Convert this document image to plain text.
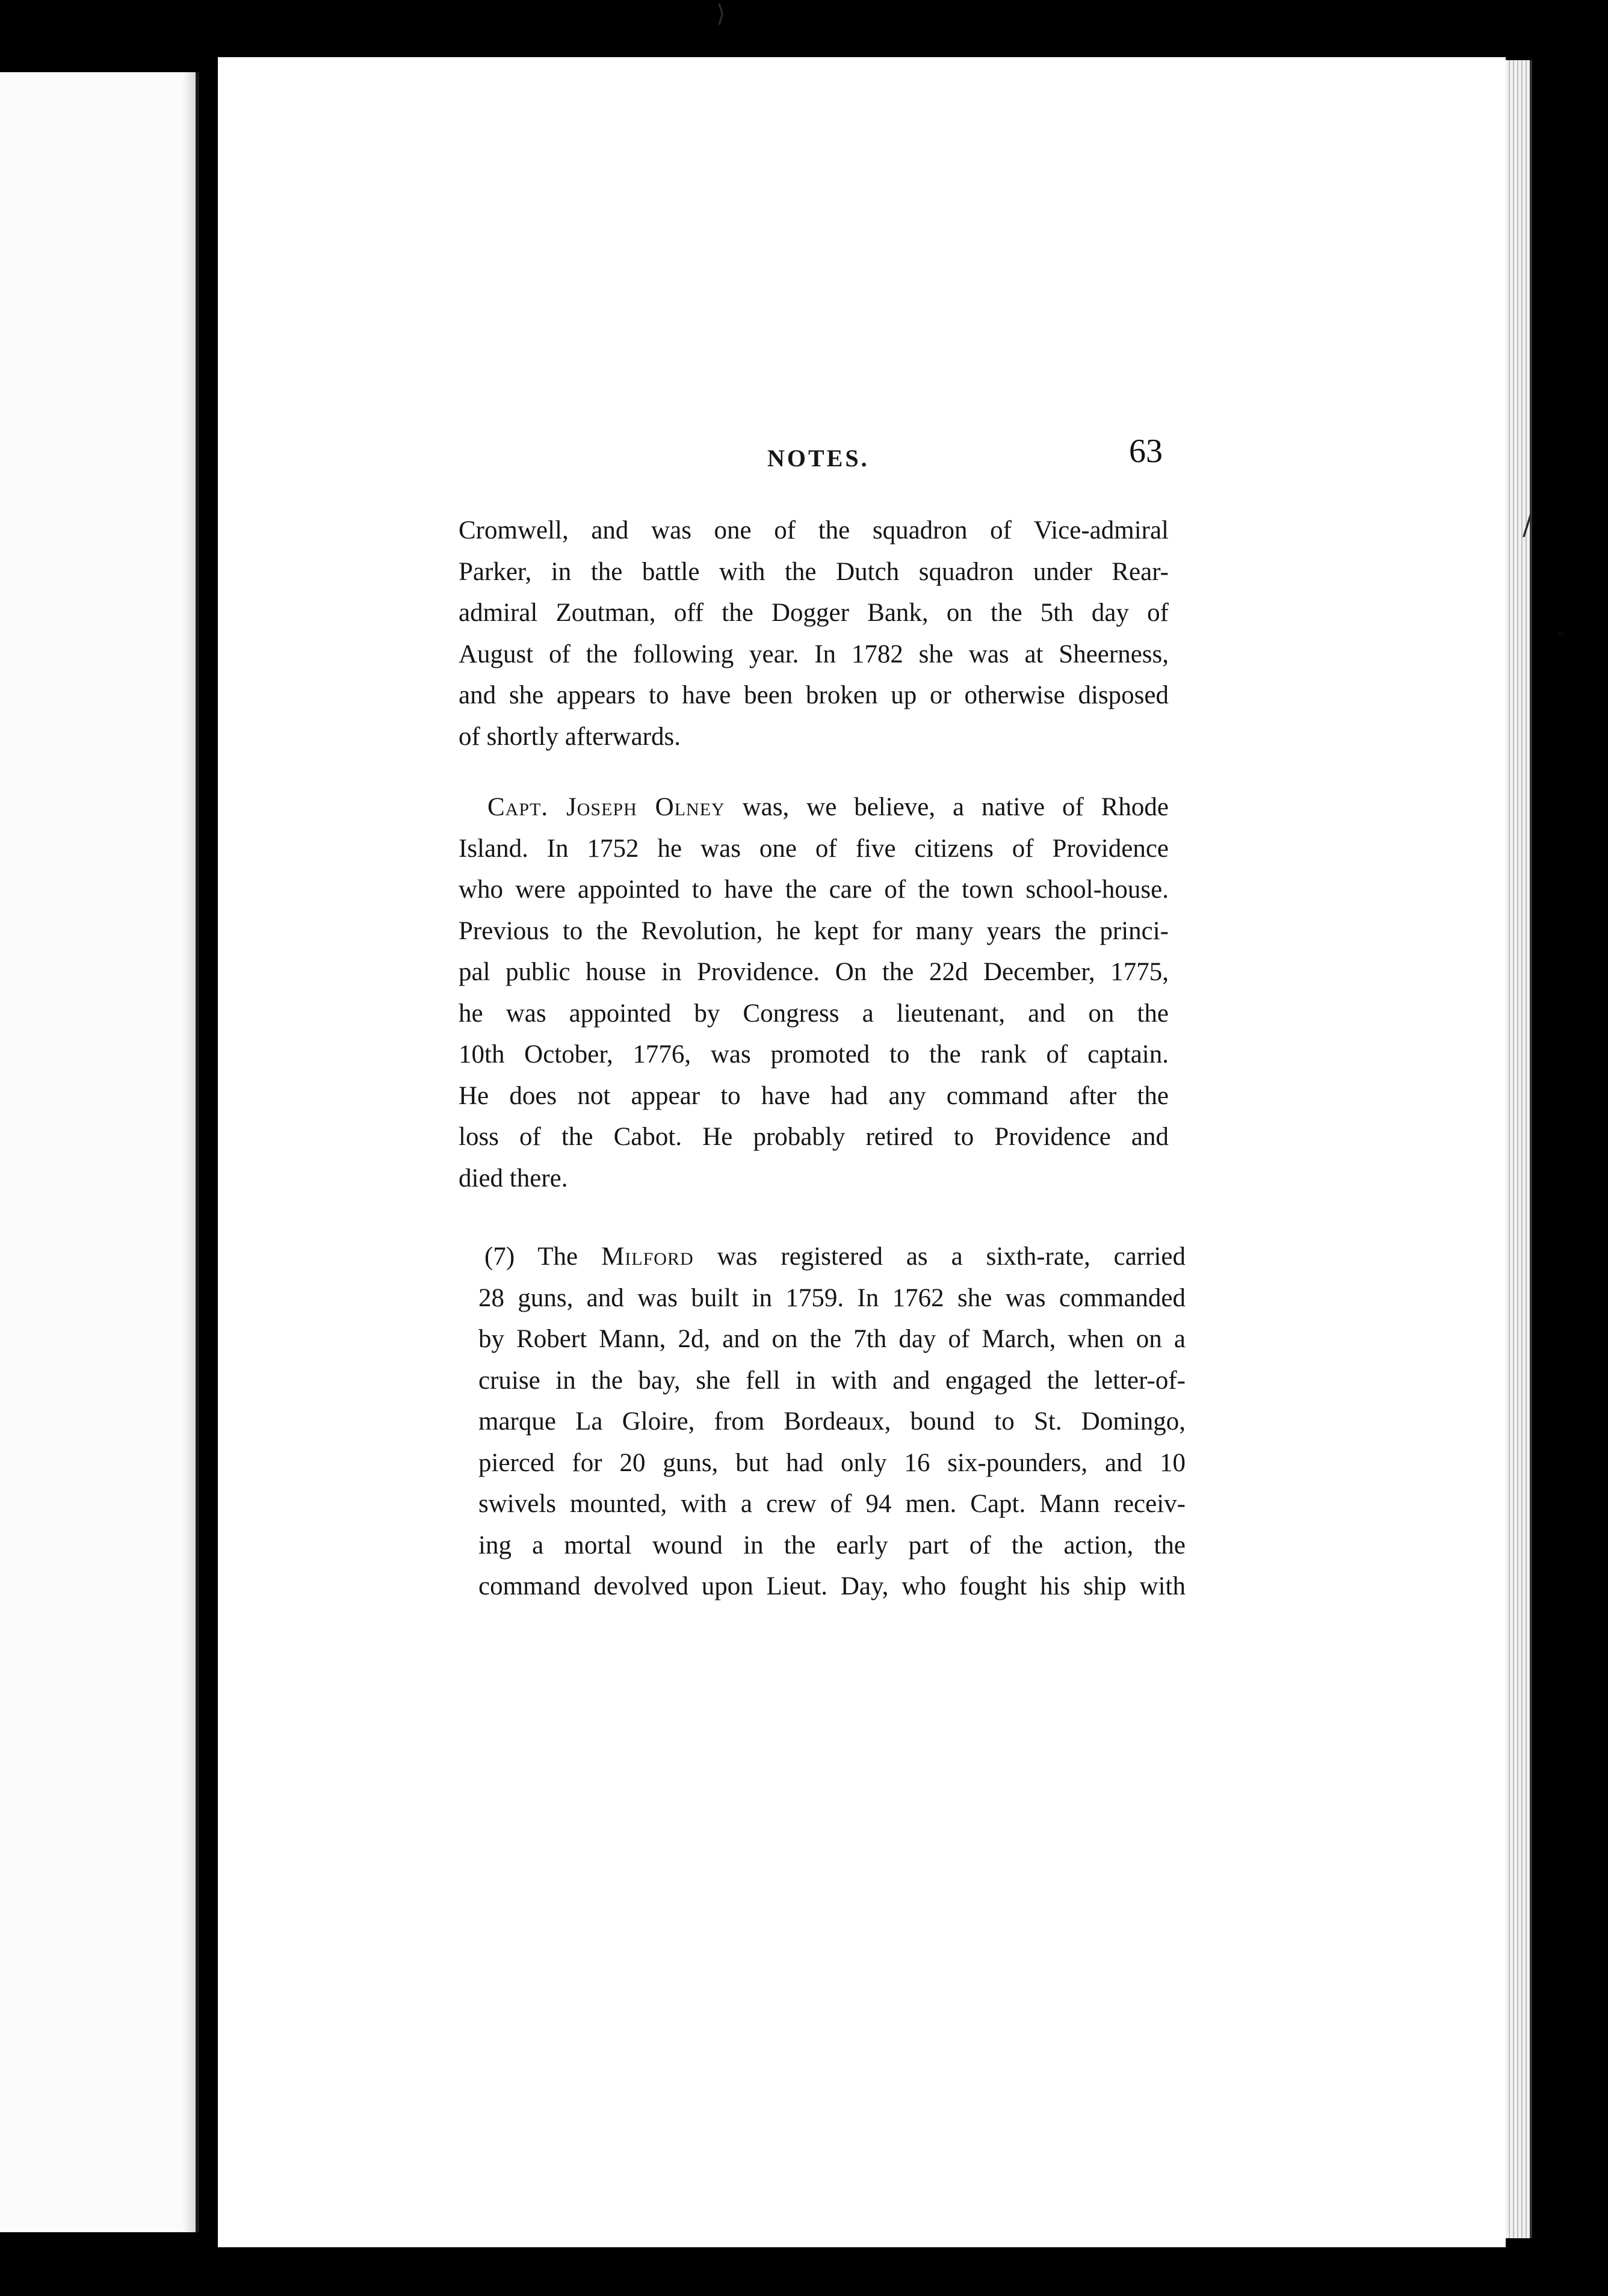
⟩
/
◦
NOTES.	63
Cromwell, and was one of the squadron of Vice-admiral
Parker, in the battle with the Dutch squadron under Rear-
admiral Zoutman, off the Dogger Bank, on the 5th day of
August of the following year. In 1782 she was at Sheerness,
and she appears to have been broken up or otherwise disposed
of shortly afterwards.
Capt. Joseph Olney was, we believe, a native of Rhode
Island. In 1752 he was one of five citizens of Providence
who were appointed to have the care of the town school-house.
Previous to the Revolution, he kept for many years the princi-
pal public house in Providence. On the 22d December, 1775,
he was appointed by Congress a lieutenant, and on the
10th October, 1776, was promoted to the rank of captain.
He does not appear to have had any command after the
loss of the Cabot. He probably retired to Providence and
died there.
(7) The Milford was registered as a sixth-rate, carried
28 guns, and was built in 1759. In 1762 she was commanded
by Robert Mann, 2d, and on the 7th day of March, when on a
cruise in the bay, she fell in with and engaged the letter-of-
marque La Gloire, from Bordeaux, bound to St. Domingo,
pierced for 20 guns, but had only 16 six-pounders, and 10
swivels mounted, with a crew of 94 men. Capt. Mann receiv-
ing a mortal wound in the early part of the action, the
command devolved upon Lieut. Day, who fought his ship with
